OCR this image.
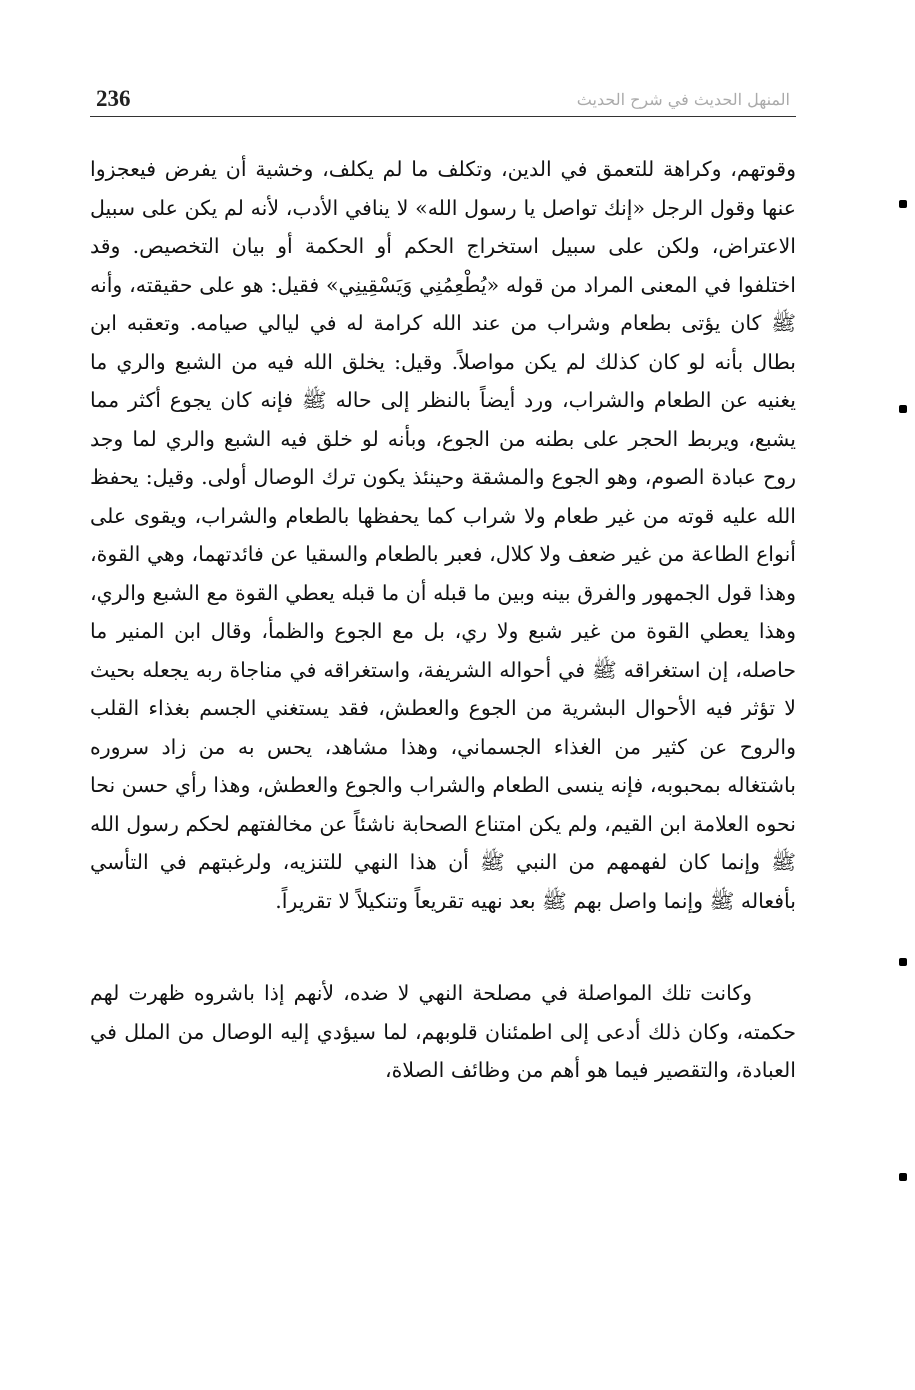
236	المنهل الحديث في شرح الحديث

وقوتهم، وكراهة للتعمق في الدين، وتكلف ما لم يكلف، وخشية أن يفرض فيعجزوا عنها وقول الرجل «إنك تواصل يا رسول الله» لا ينافي الأدب، لأنه لم يكن على سبيل الاعتراض، ولكن على سبيل استخراج الحكم أو الحكمة أو بيان التخصيص. وقد اختلفوا في المعنى المراد من قوله «يُطْعِمُنِي وَيَسْقِينِي» فقيل: هو على حقيقته، وأنه ﷺ كان يؤتى بطعام وشراب من عند الله كرامة له في ليالي صيامه. وتعقبه ابن بطال بأنه لو كان كذلك لم يكن مواصلاً. وقيل: يخلق الله فيه من الشبع والري ما يغنيه عن الطعام والشراب، ورد أيضاً بالنظر إلى حاله ﷺ فإنه كان يجوع أكثر مما يشبع، ويربط الحجر على بطنه من الجوع، وبأنه لو خلق فيه الشبع والري لما وجد روح عبادة الصوم، وهو الجوع والمشقة وحينئذ يكون ترك الوصال أولى. وقيل: يحفظ الله عليه قوته من غير طعام ولا شراب كما يحفظها بالطعام والشراب، ويقوى على أنواع الطاعة من غير ضعف ولا كلال، فعبر بالطعام والسقيا عن فائدتهما، وهي القوة، وهذا قول الجمهور والفرق بينه وبين ما قبله أن ما قبله يعطي القوة مع الشبع والري، وهذا يعطي القوة من غير شبع ولا ري، بل مع الجوع والظمأ، وقال ابن المنير ما حاصله، إن استغراقه ﷺ في أحواله الشريفة، واستغراقه في مناجاة ربه يجعله بحيث لا تؤثر فيه الأحوال البشرية من الجوع والعطش، فقد يستغني الجسم بغذاء القلب والروح عن كثير من الغذاء الجسماني، وهذا مشاهد، يحس به من زاد سروره باشتغاله بمحبوبه، فإنه ينسى الطعام والشراب والجوع والعطش، وهذا رأي حسن نحا نحوه العلامة ابن القيم، ولم يكن امتناع الصحابة ناشئاً عن مخالفتهم لحكم رسول الله ﷺ وإنما كان لفهمهم من النبي ﷺ أن هذا النهي للتنزيه، ولرغبتهم في التأسي بأفعاله ﷺ وإنما واصل بهم ﷺ بعد نهيه تقريعاً وتنكيلاً لا تقريراً.

وكانت تلك المواصلة في مصلحة النهي لا ضده، لأنهم إذا باشروه ظهرت لهم حكمته، وكان ذلك أدعى إلى اطمئنان قلوبهم، لما سيؤدي إليه الوصال من الملل في العبادة، والتقصير فيما هو أهم من وظائف الصلاة،
